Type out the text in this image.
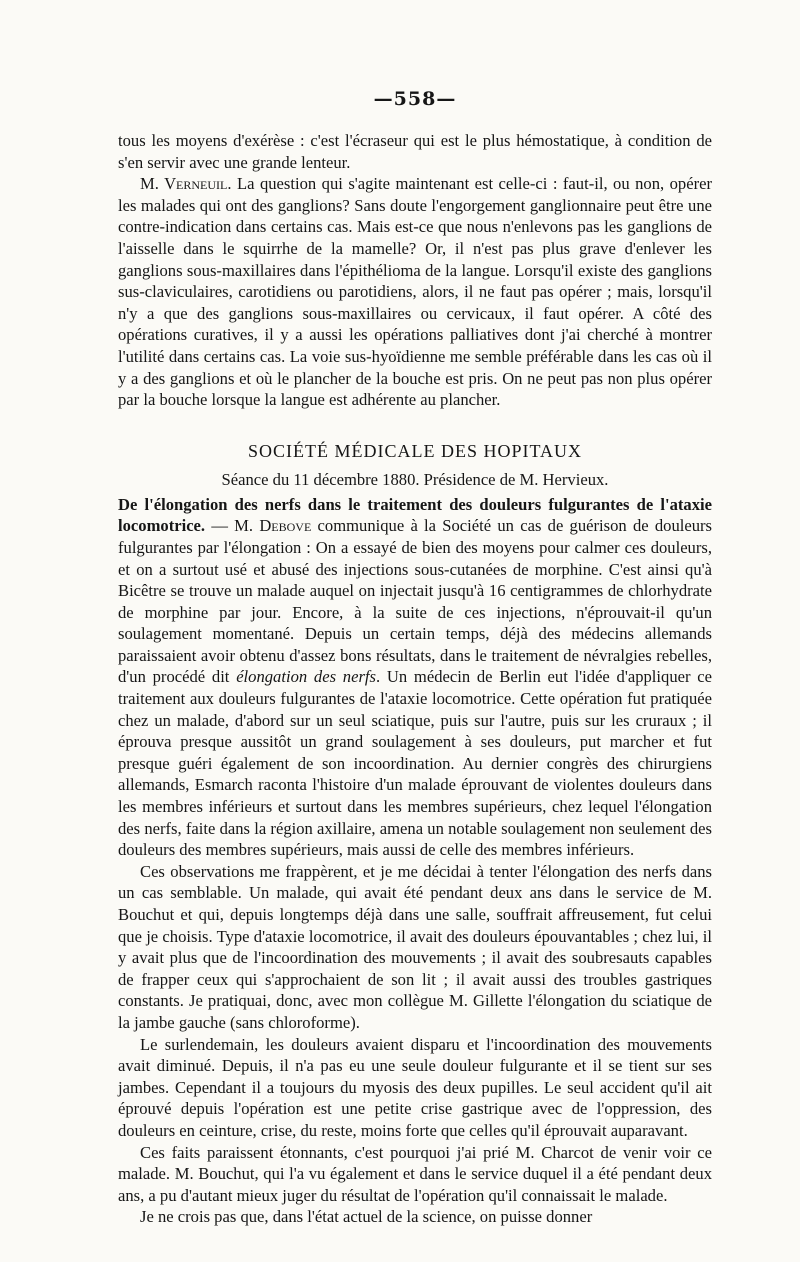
—558—

tous les moyens d'exérèse : c'est l'écraseur qui est le plus hémostatique, à condition de s'en servir avec une grande lenteur.

M. Verneuil. La question qui s'agite maintenant est celle-ci : faut-il, ou non, opérer les malades qui ont des ganglions? Sans doute l'engorgement ganglionnaire peut être une contre-indication dans certains cas. Mais est-ce que nous n'enlevons pas les ganglions de l'aisselle dans le squirrhe de la mamelle? Or, il n'est pas plus grave d'enlever les ganglions sous-maxillaires dans l'épithélioma de la langue. Lorsqu'il existe des ganglions sus-claviculaires, carotidiens ou parotidiens, alors, il ne faut pas opérer ; mais, lorsqu'il n'y a que des ganglions sous-maxillaires ou cervicaux, il faut opérer. A côté des opérations curatives, il y a aussi les opérations palliatives dont j'ai cherché à montrer l'utilité dans certains cas. La voie sus-hyoïdienne me semble préférable dans les cas où il y a des ganglions et où le plancher de la bouche est pris. On ne peut pas non plus opérer par la bouche lorsque la langue est adhérente au plancher.

SOCIÉTÉ MÉDICALE DES HOPITAUX
Séance du 11 décembre 1880. Présidence de M. Hervieux.

De l'élongation des nerfs dans le traitement des douleurs fulgurantes de l'ataxie locomotrice. — M. Debove communique à la Société un cas de guérison de douleurs fulgurantes par l'élongation : On a essayé de bien des moyens pour calmer ces douleurs, et on a surtout usé et abusé des injections sous-cutanées de morphine. C'est ainsi qu'à Bicêtre se trouve un malade auquel on injectait jusqu'à 16 centigrammes de chlorhydrate de morphine par jour. Encore, à la suite de ces injections, n'éprouvait-il qu'un soulagement momentané. Depuis un certain temps, déjà des médecins allemands paraissaient avoir obtenu d'assez bons résultats, dans le traitement de névralgies rebelles, d'un procédé dit élongation des nerfs. Un médecin de Berlin eut l'idée d'appliquer ce traitement aux douleurs fulgurantes de l'ataxie locomotrice. Cette opération fut pratiquée chez un malade, d'abord sur un seul sciatique, puis sur l'autre, puis sur les cruraux ; il éprouva presque aussitôt un grand soulagement à ses douleurs, put marcher et fut presque guéri également de son incoordination. Au dernier congrès des chirurgiens allemands, Esmarch raconta l'histoire d'un malade éprouvant de violentes douleurs dans les membres inférieurs et surtout dans les membres supérieurs, chez lequel l'élongation des nerfs, faite dans la région axillaire, amena un notable soulagement non seulement des douleurs des membres supérieurs, mais aussi de celle des membres inférieurs.

Ces observations me frappèrent, et je me décidai à tenter l'élongation des nerfs dans un cas semblable. Un malade, qui avait été pendant deux ans dans le service de M. Bouchut et qui, depuis longtemps déjà dans une salle, souffrait affreusement, fut celui que je choisis. Type d'ataxie locomotrice, il avait des douleurs épouvantables ; chez lui, il y avait plus que de l'incoordination des mouvements ; il avait des soubresauts capables de frapper ceux qui s'approchaient de son lit ; il avait aussi des troubles gastriques constants. Je pratiquai, donc, avec mon collègue M. Gillette l'élongation du sciatique de la jambe gauche (sans chloroforme).

Le surlendemain, les douleurs avaient disparu et l'incoordination des mouvements avait diminué. Depuis, il n'a pas eu une seule douleur fulgurante et il se tient sur ses jambes. Cependant il a toujours du myosis des deux pupilles. Le seul accident qu'il ait éprouvé depuis l'opération est une petite crise gastrique avec de l'oppression, des douleurs en ceinture, crise, du reste, moins forte que celles qu'il éprouvait auparavant.

Ces faits paraissent étonnants, c'est pourquoi j'ai prié M. Charcot de venir voir ce malade. M. Bouchut, qui l'a vu également et dans le service duquel il a été pendant deux ans, a pu d'autant mieux juger du résultat de l'opération qu'il connaissait le malade.

Je ne crois pas que, dans l'état actuel de la science, on puisse donner
